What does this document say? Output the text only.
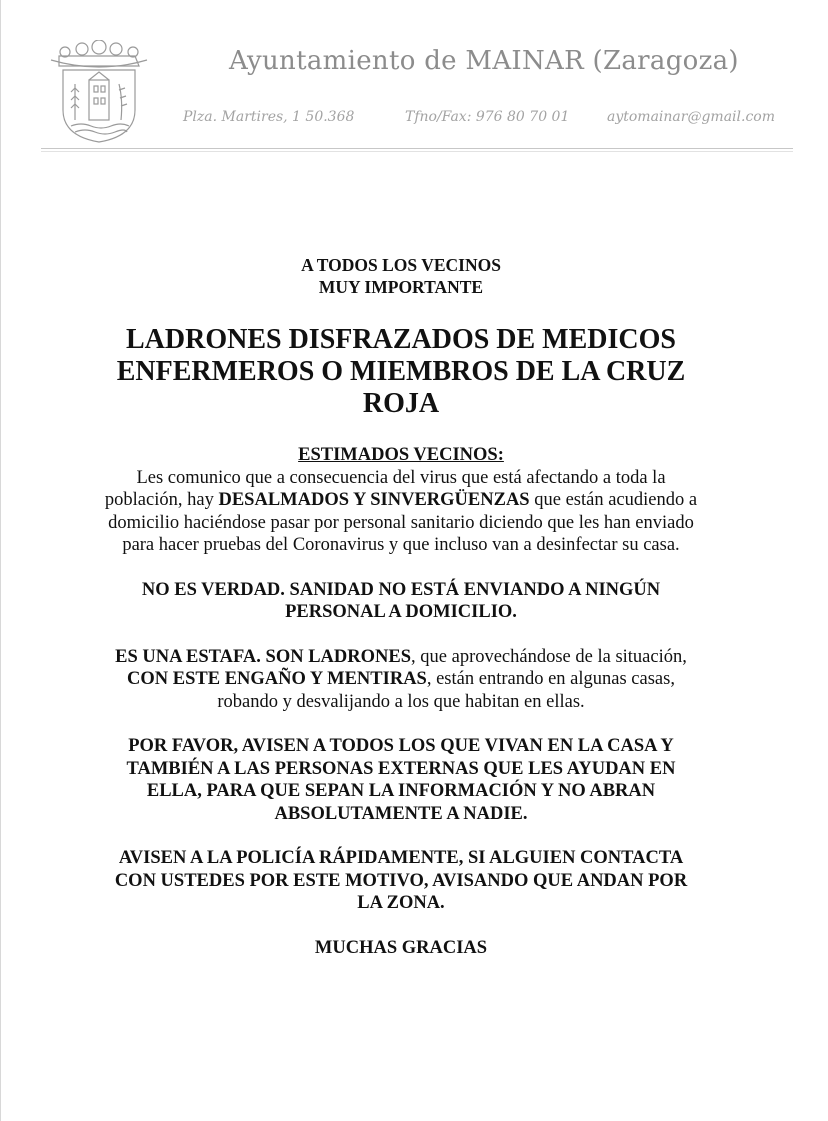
Ayuntamiento de MAINAR (Zaragoza)
Plza. Martires, 1 50.368	Tfno/Fax: 976 80 70 01	aytomainar@gmail.com
A TODOS LOS VECINOS
MUY IMPORTANTE
LADRONES DISFRAZADOS DE MEDICOS
ENFERMEROS O MIEMBROS DE LA CRUZ
ROJA
ESTIMADOS VECINOS:
Les comunico que a consecuencia del virus que está afectando a toda la población, hay DESALMADOS Y SINVERGÜENZAS que están acudiendo a domicilio haciéndose pasar por personal sanitario diciendo que les han enviado para hacer pruebas del Coronavirus y que incluso van a desinfectar su casa.
NO ES VERDAD. SANIDAD NO ESTÁ ENVIANDO A NINGÚN PERSONAL A DOMICILIO.
ES UNA ESTAFA. SON LADRONES, que aprovechándose de la situación, CON ESTE ENGAÑO Y MENTIRAS, están entrando en algunas casas, robando y desvalijando a los que habitan en ellas.
POR FAVOR, AVISEN A TODOS LOS QUE VIVAN EN LA CASA Y TAMBIÉN A LAS PERSONAS EXTERNAS QUE LES AYUDAN EN ELLA, PARA QUE SEPAN LA INFORMACIÓN Y NO ABRAN ABSOLUTAMENTE A NADIE.
AVISEN A LA POLICÍA RÁPIDAMENTE, SI ALGUIEN CONTACTA CON USTEDES POR ESTE MOTIVO, AVISANDO QUE ANDAN POR LA ZONA.
MUCHAS GRACIAS
